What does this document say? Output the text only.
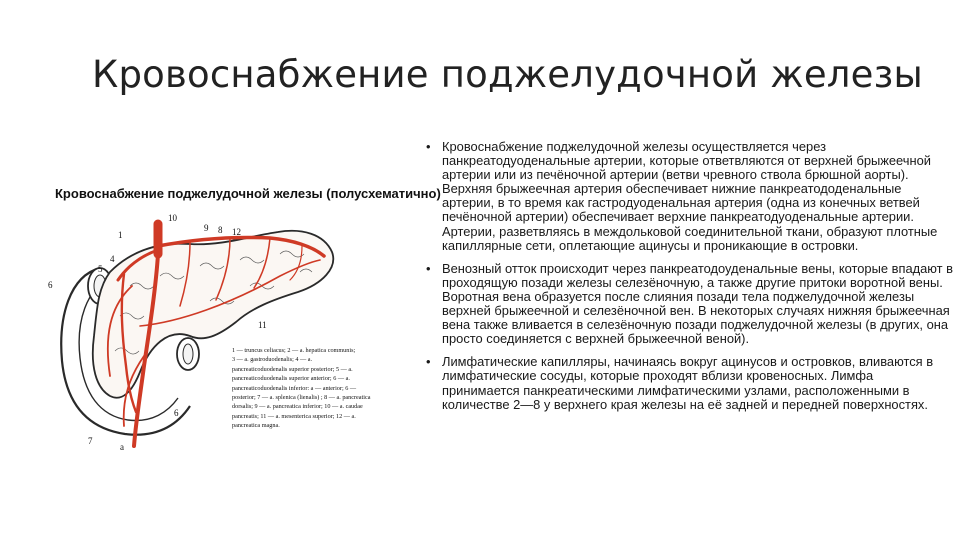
Кровоснабжение поджелудочной железы
10
1
4
5
6
9 8 12
11
6
7
а
Кровоснабжение поджелудочной железы (полусхематично)
1 — truncus celiacus; 2 — a. hepatica communis;
3 — a. gastroduodenalis; 4 — a.
pancreaticoduodenalis superior posterior; 5 — a.
pancreaticoduodenalis superior anterior; 6 — a.
pancreaticoduodenalis inferior: a — anterior; 6 —
posterior; 7 — a. splenica (lienalis) ; 8 — a. pancreatica
dorsalis; 9 — a. pancreatica inferior; 10 — a. caudae
pancreatis; 11 — a. mesenterica superior; 12 — a.
pancreatica magna.
• Кровоснабжение поджелудочной железы осуществляется через панкреатодуоденальные артерии, которые ответвляются от верхней брыжеечной артерии или из печёночной артерии (ветви чревного ствола брюшной аорты). Верхняя брыжеечная артерия обеспечивает нижние панкреатододенальные артерии, в то время как гастродуоденальная артерия (одна из конечных ветвей печёночной артерии) обеспечивает верхние панкреатодуоденальные артерии. Артерии, разветвляясь в междольковой соединительной ткани, образуют плотные капиллярные сети, оплетающие ацинусы и проникающие в островки.

• Венозный отток происходит через панкреатодоуденальные вены, которые впадают в проходящую позади железы селезёночную, а также другие притоки воротной вены. Воротная вена образуется после слияния позади тела поджелудочной железы верхней брыжеечной и селезёночной вен. В некоторых случаях нижняя брыжеечная вена также вливается в селезёночную позади поджелудочной железы (в других, она просто соединяется с верхней брыжеечной веной).

• Лимфатические капилляры, начинаясь вокруг ацинусов и островков, вливаются в лимфатические сосуды, которые проходят вблизи кровеносных. Лимфа принимается панкреатическими лимфатическими узлами, расположенными в количестве 2—8 у верхнего края железы на её задней и передней поверхностях.
